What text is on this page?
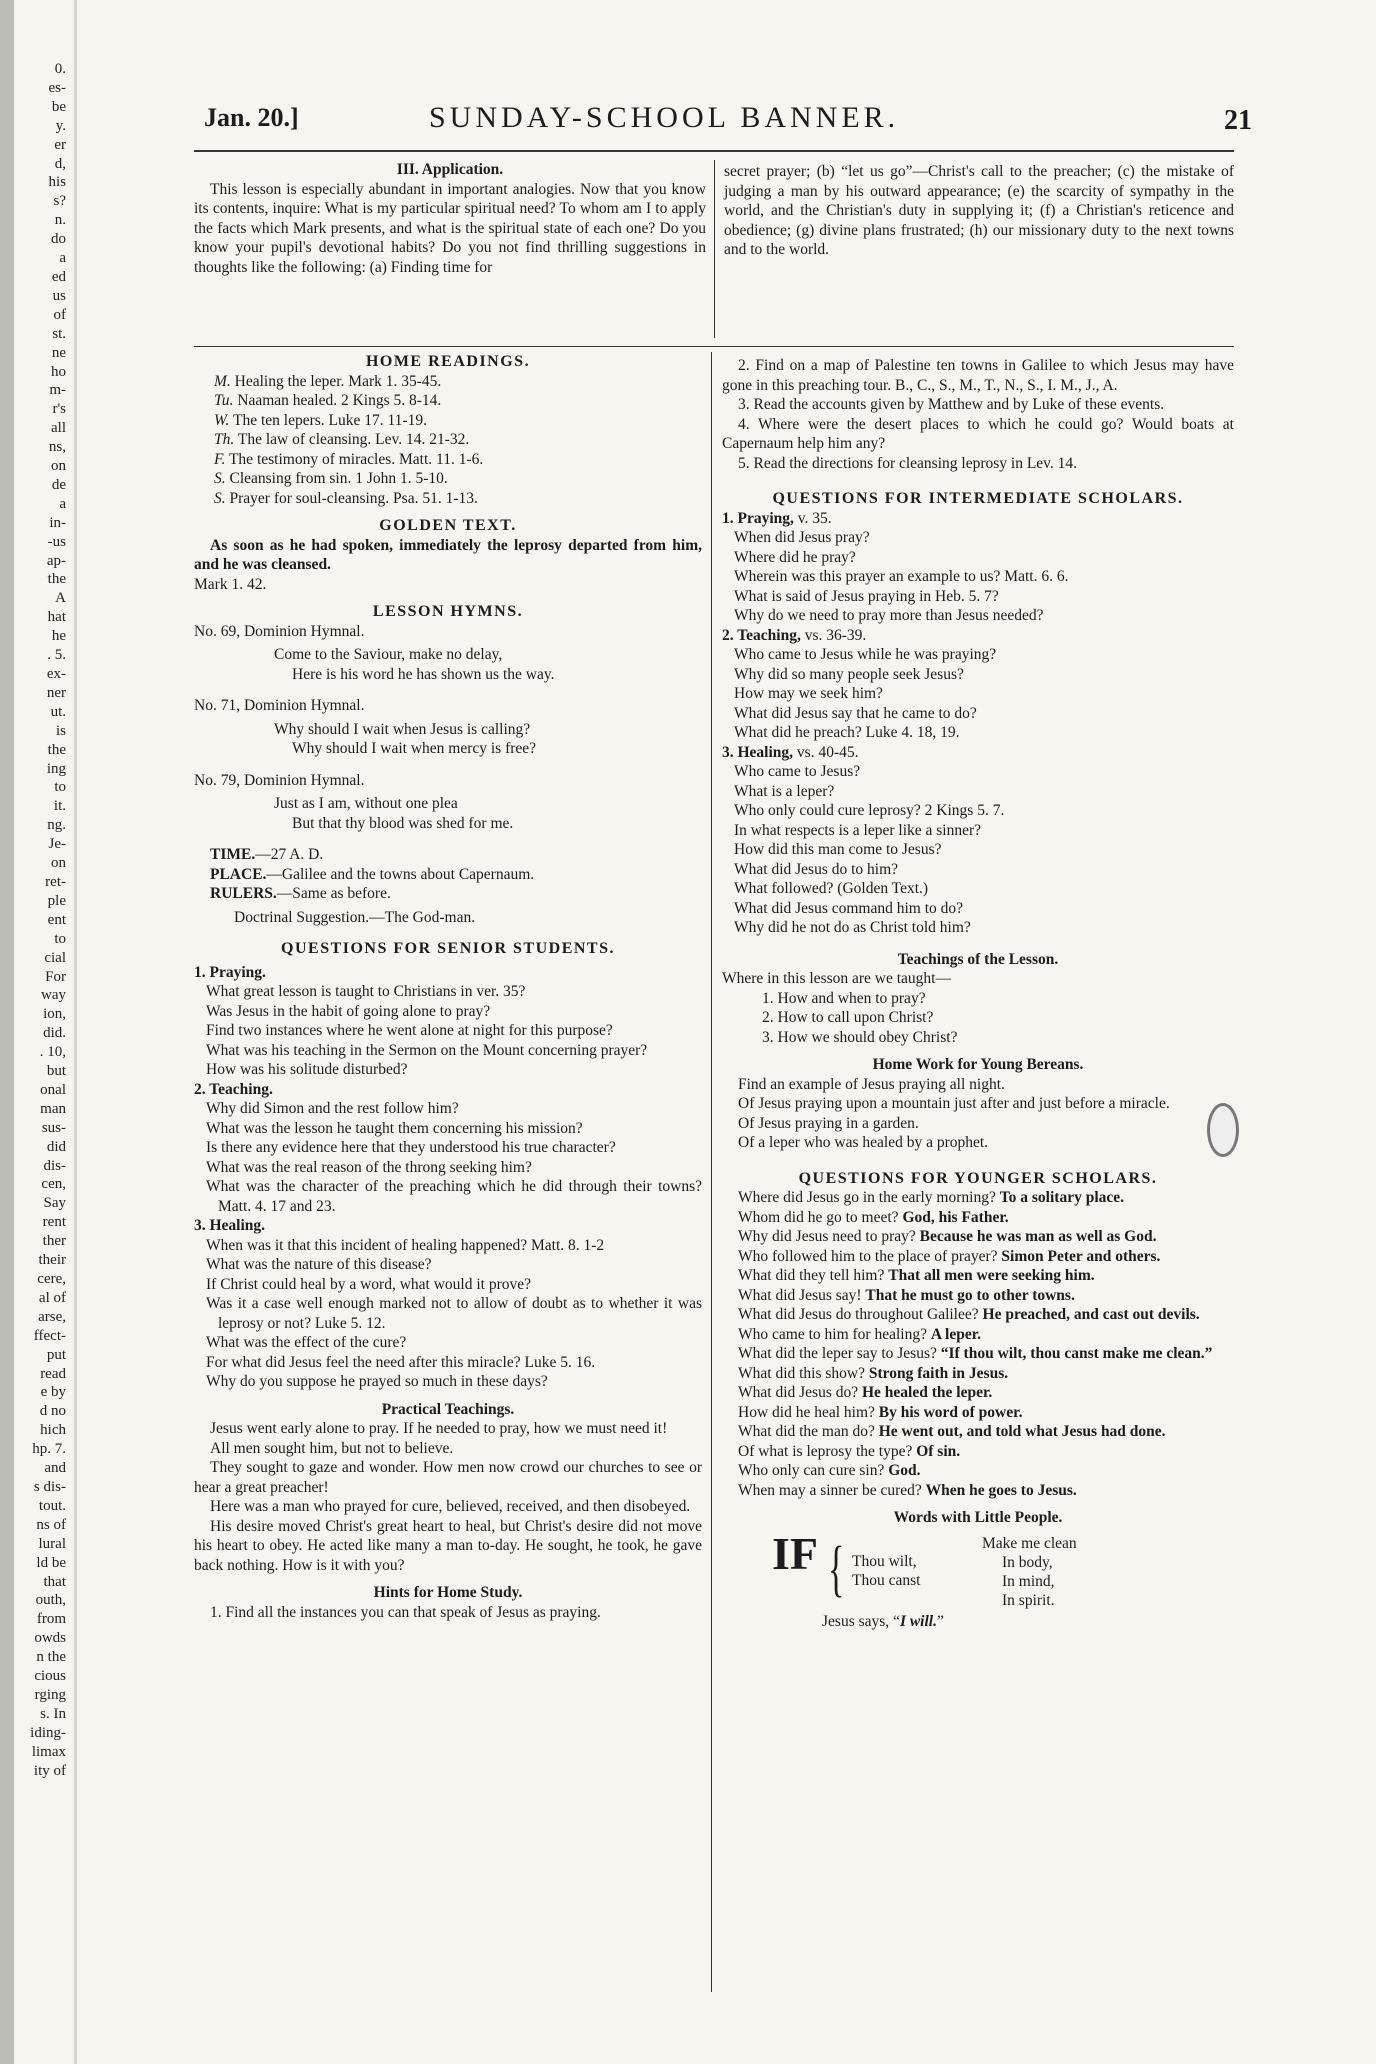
0.
es-
be
y.
er
d,
his
s?
n.
do
a
ed
us
of
st.
ne
ho
m-
r's
all
ns,
on
de
a
in-
-us
ap-
the
A
hat
he
. 5.
ex-
ner
ut.
is
the
ing
to
it.
ng.
Je-
on
ret-
ple
ent
to
cial
For
way
ion,
did.
. 10,
but
onal
man
sus-
did
dis-
cen,
Say
rent
ther
their
cere,
al of
arse,
ffect-
put
read
e by
d no
hich
hp. 7.
and
s dis-
tout.
ns of
lural
ld be
that
outh,
from
owds
n the
cious
rging
s. In
iding-
limax
ity of
Jan. 20.]	SUNDAY-SCHOOL BANNER.	21

III. Application.

This lesson is especially abundant in important analogies. Now that you know its contents, inquire: What is my particular spiritual need? To whom am I to apply the facts which Mark presents, and what is the spiritual state of each one? Do you know your pupil's devotional habits? Do you not find thrilling suggestions in thoughts like the following: (a) Finding time for

secret prayer; (b) “let us go”—Christ's call to the preacher; (c) the mistake of judging a man by his outward appearance; (e) the scarcity of sympathy in the world, and the Christian's duty in supplying it; (f) a Christian's reticence and obedience; (g) divine plans frustrated; (h) our missionary duty to the next towns and to the world.

HOME READINGS.

M. Healing the leper. Mark 1. 35-45.

Tu. Naaman healed. 2 Kings 5. 8-14.

W. The ten lepers. Luke 17. 11-19.

Th. The law of cleansing. Lev. 14. 21-32.

F. The testimony of miracles. Matt. 11. 1-6.

S. Cleansing from sin. 1 John 1. 5-10.

S. Prayer for soul-cleansing. Psa. 51. 1-13.

GOLDEN TEXT.

As soon as he had spoken, immediately the leprosy departed from him, and he was cleansed.

Mark 1. 42.

LESSON HYMNS.

No. 69, Dominion Hymnal.

Come to the Saviour, make no delay,

Here is his word he has shown us the way.

No. 71, Dominion Hymnal.

Why should I wait when Jesus is calling?

Why should I wait when mercy is free?

No. 79, Dominion Hymnal.

Just as I am, without one plea

But that thy blood was shed for me.

TIME.—27 A. D.

PLACE.—Galilee and the towns about Capernaum.

RULERS.—Same as before.

Doctrinal Suggestion.—The God-man.

QUESTIONS FOR SENIOR STUDENTS.

1. Praying.

What great lesson is taught to Christians in ver. 35?

Was Jesus in the habit of going alone to pray?

Find two instances where he went alone at night for this purpose?

What was his teaching in the Sermon on the Mount concerning prayer?

How was his solitude disturbed?

2. Teaching.

Why did Simon and the rest follow him?

What was the lesson he taught them concerning his mission?

Is there any evidence here that they understood his true character?

What was the real reason of the throng seeking him?

What was the character of the preaching which he did through their towns? Matt. 4. 17 and 23.

3. Healing.

When was it that this incident of healing happened? Matt. 8. 1-2

What was the nature of this disease?

If Christ could heal by a word, what would it prove?

Was it a case well enough marked not to allow of doubt as to whether it was leprosy or not? Luke 5. 12.

What was the effect of the cure?

For what did Jesus feel the need after this miracle? Luke 5. 16.

Why do you suppose he prayed so much in these days?

Practical Teachings.

Jesus went early alone to pray. If he needed to pray, how we must need it!

All men sought him, but not to believe.

They sought to gaze and wonder. How men now crowd our churches to see or hear a great preacher!

Here was a man who prayed for cure, believed, received, and then disobeyed.

His desire moved Christ's great heart to heal, but Christ's desire did not move his heart to obey. He acted like many a man to-day. He sought, he took, he gave back nothing. How is it with you?

Hints for Home Study.

1. Find all the instances you can that speak of Jesus as praying.

2. Find on a map of Palestine ten towns in Galilee to which Jesus may have gone in this preaching tour. B., C., S., M., T., N., S., I. M., J., A.

3. Read the accounts given by Matthew and by Luke of these events.

4. Where were the desert places to which he could go? Would boats at Capernaum help him any?

5. Read the directions for cleansing leprosy in Lev. 14.

QUESTIONS FOR INTERMEDIATE SCHOLARS.

1. Praying, v. 35.

When did Jesus pray?

Where did he pray?

Wherein was this prayer an example to us? Matt. 6. 6.

What is said of Jesus praying in Heb. 5. 7?

Why do we need to pray more than Jesus needed?

2. Teaching, vs. 36-39.

Who came to Jesus while he was praying?

Why did so many people seek Jesus?

How may we seek him?

What did Jesus say that he came to do?

What did he preach? Luke 4. 18, 19.

3. Healing, vs. 40-45.

Who came to Jesus?

What is a leper?

Who only could cure leprosy? 2 Kings 5. 7.

In what respects is a leper like a sinner?

How did this man come to Jesus?

What did Jesus do to him?

What followed? (Golden Text.)

What did Jesus command him to do?

Why did he not do as Christ told him?

Teachings of the Lesson.

Where in this lesson are we taught—

1. How and when to pray?

2. How to call upon Christ?

3. How we should obey Christ?

Home Work for Young Bereans.

Find an example of Jesus praying all night.

Of Jesus praying upon a mountain just after and just before a miracle.

Of Jesus praying in a garden.

Of a leper who was healed by a prophet.

QUESTIONS FOR YOUNGER SCHOLARS.

Where did Jesus go in the early morning? To a solitary place.

Whom did he go to meet? God, his Father.

Why did Jesus need to pray? Because he was man as well as God.

Who followed him to the place of prayer? Simon Peter and others.

What did they tell him? That all men were seeking him.

What did Jesus say! That he must go to other towns.

What did Jesus do throughout Galilee? He preached, and cast out devils.

Who came to him for healing? A leper.

What did the leper say to Jesus? “If thou wilt, thou canst make me clean.”

What did this show? Strong faith in Jesus.

What did Jesus do? He healed the leper.

How did he heal him? By his word of power.

What did the man do? He went out, and told what Jesus had done.

Of what is leprosy the type? Of sin.

Who only can cure sin? God.

When may a sinner be cured? When he goes to Jesus.

Words with Little People.

IF { Thou wilt,
Thou canst
Make me clean
In body,
In mind,
In spirit.
Jesus says, “I will.”
